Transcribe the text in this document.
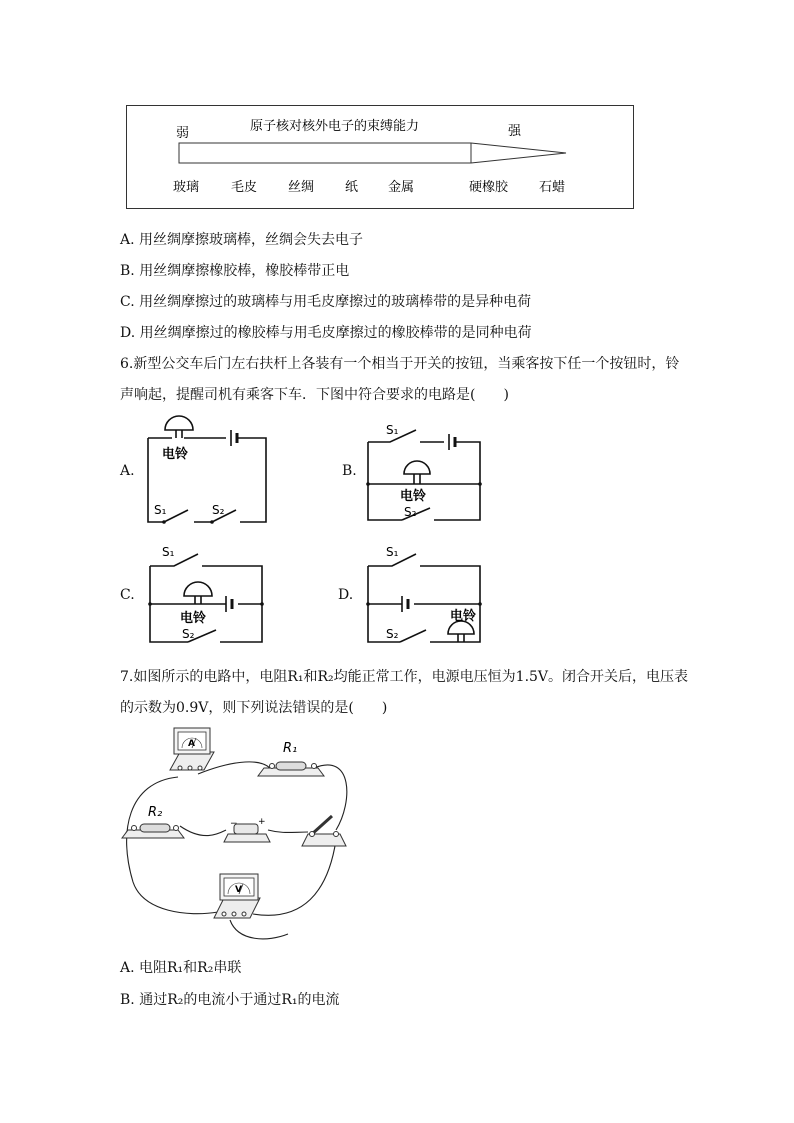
原子核对核外电子的束缚能力
弱	强
玻璃 毛皮 丝绸 纸 金属	硬橡胶 石蜡
A. 用丝绸摩擦玻璃棒，丝绸会失去电子
B. 用丝绸摩擦橡胶棒，橡胶棒带正电
C. 用丝绸摩擦过的玻璃棒与用毛皮摩擦过的玻璃棒带的是异种电荷
D. 用丝绸摩擦过的橡胶棒与用毛皮摩擦过的橡胶棒带的是同种电荷
6.新型公交车后门左右扶杆上各装有一个相当于开关的按钮，当乘客按下任一个按钮时，铃
声响起，提醒司机有乘客下车．下图中符合要求的电路是(　　)
A.
电铃
S₁	S₂
B.
S₁
电铃
S₂
C.
S₁
电铃
S₂
D.
S₁
电铃
S₂
7.如图所示的电路中，电阻R₁和R₂均能正常工作，电源电压恒为1.5V。闭合开关后，电压表
的示数为0.9V，则下列说法错误的是(　　)
A	R₁
R₂
− +
V
A. 电阻R₁和R₂串联
B. 通过R₂的电流小于通过R₁的电流
